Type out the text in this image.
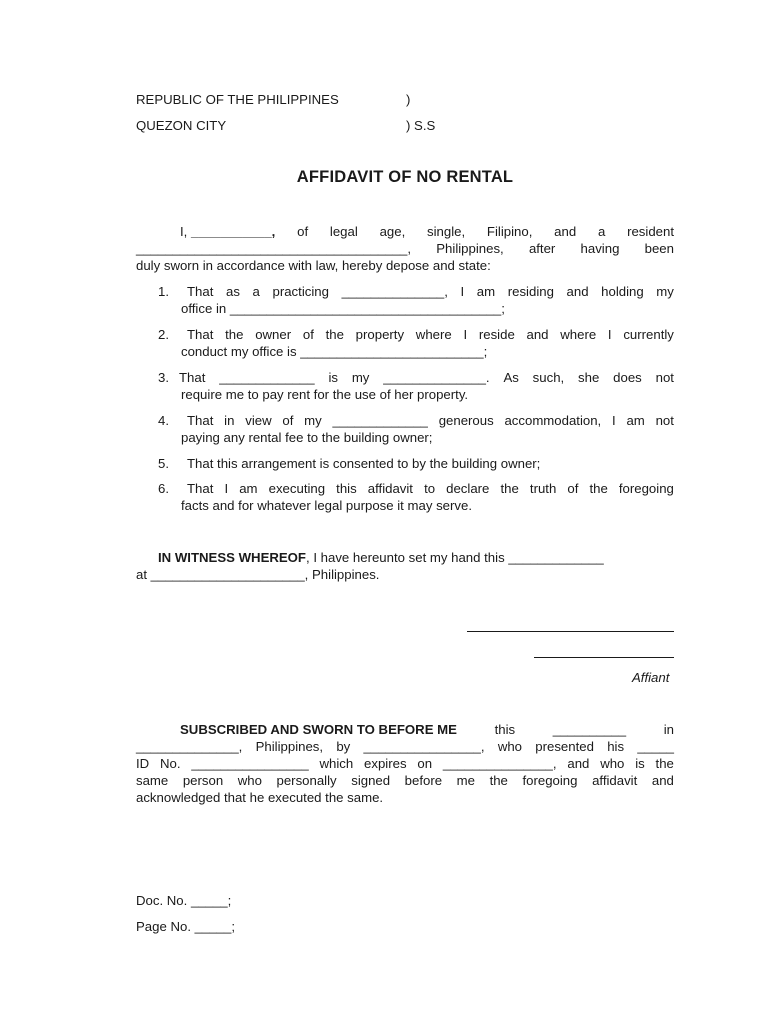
REPUBLIC OF THE PHILIPPINES	)
QUEZON CITY	) S.S
AFFIDAVIT OF NO RENTAL
I, ___________, of legal age, single, Filipino, and a resident
_____________________________________, Philippines, after having been
duly sworn in accordance with law, hereby depose and state:
1. That as a practicing ______________, I am residing and holding my
office in _____________________________________;
2. That the owner of the property where I reside and where I currently
conduct my office is _________________________;
3. That _____________ is my ______________. As such, she does not
require me to pay rent for the use of her property.
4. That in view of my _____________ generous accommodation, I am not
paying any rental fee to the building owner;
5. That this arrangement is consented to by the building owner;
6. That I am executing this affidavit to declare the truth of the foregoing
facts and for whatever legal purpose it may serve.
IN WITNESS WHEREOF , I have hereunto set my hand this _____________
at _____________________, Philippines.
Affiant
SUBSCRIBED AND SWORN TO BEFORE ME	this	__________	in
______________, Philippines, by ________________, who presented his _____
ID No. ________________ which expires on _______________, and who is the
same person who personally signed before me the foregoing affidavit and
acknowledged that he executed the same.
Doc. No. _____;
Page No. _____;
